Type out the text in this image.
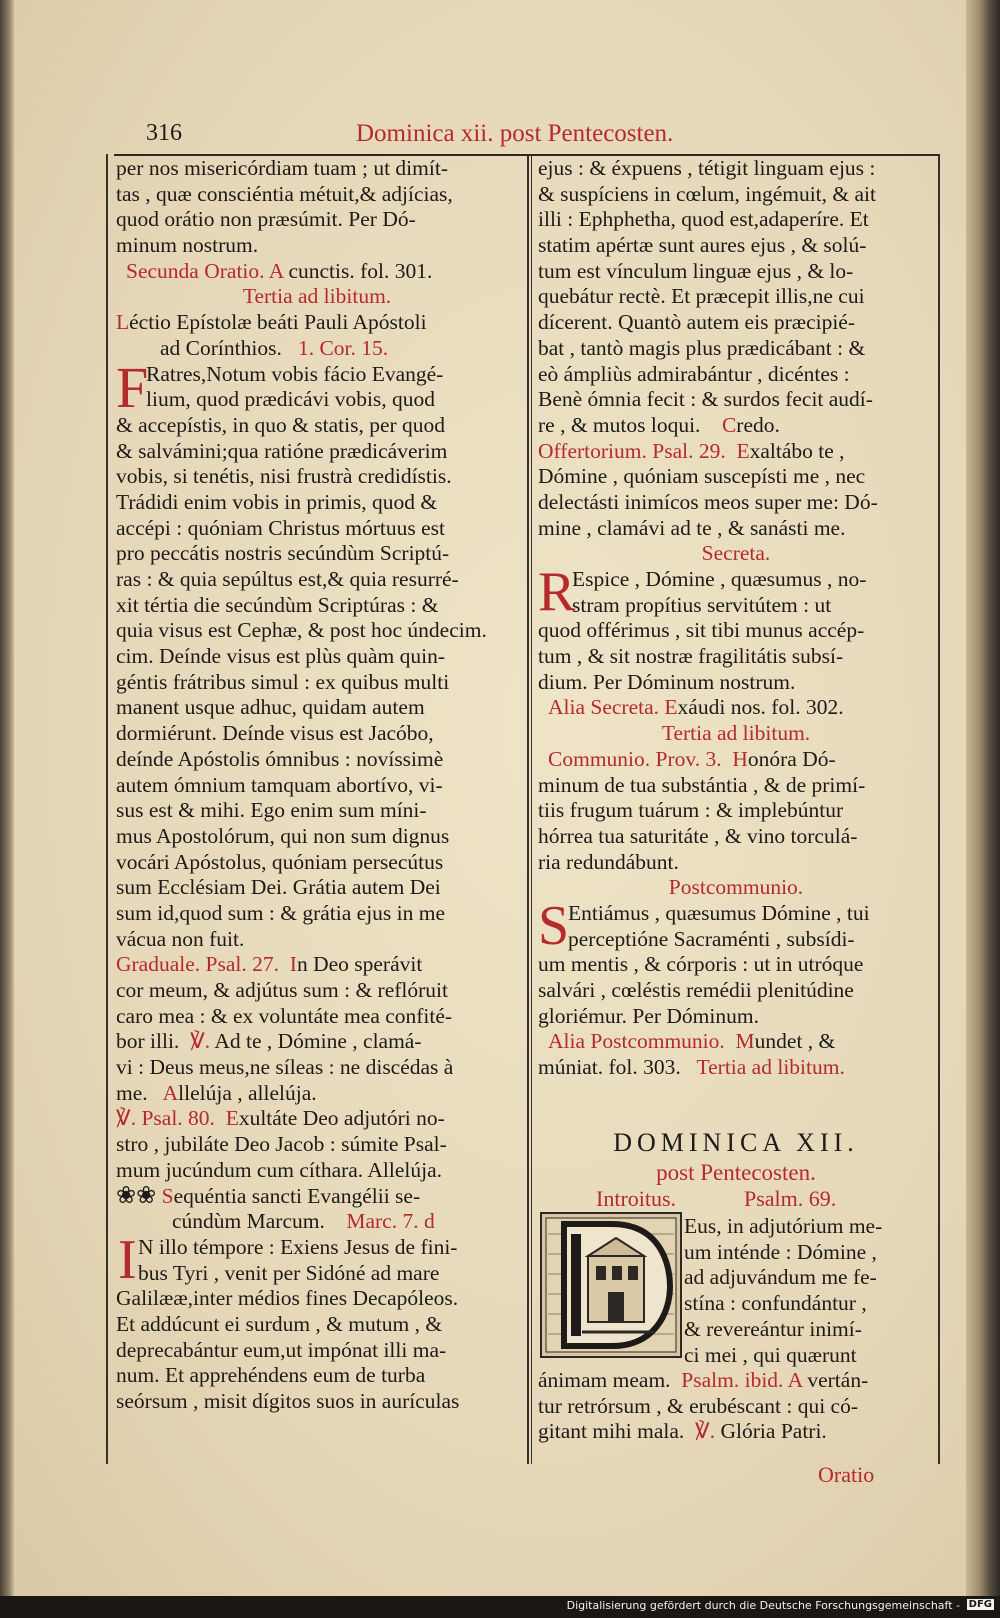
316	Dominica xii. post Pentecosten.
per nos misericórdiam tuam ; ut dimít-
tas , quæ consciéntia métuit,& adjícias,
quod orátio non præsúmit. Per Dó-
minum nostrum.
Secunda Oratio. A cunctis. fol. 301.
Tertia ad libitum.
Léctio Epístolæ beáti Pauli Apóstoli
ad Corínthios. 1. Cor. 15.
F
Ratres,Notum vobis fácio Evangé-
lium, quod prædicávi vobis, quod
& accepístis, in quo & statis, per quod
& salvámini;qua ratióne prædicáverim
vobis, si tenétis, nisi frustrà credidístis.
Trádidi enim vobis in primis, quod &
accépi : quóniam Christus mórtuus est
pro peccátis nostris secúndùm Scriptú-
ras : & quia sepúltus est,& quia resurré-
xit tértia die secúndùm Scriptúras : &
quia visus est Cephæ, & post hoc úndecim.
cim. Deínde visus est plùs quàm quin-
géntis frátribus simul : ex quibus multi
manent usque adhuc, quidam autem
dormiérunt. Deínde visus est Jacóbo,
deínde Apóstolis ómnibus : novíssimè
autem ómnium tamquam abortívo, vi-
sus est & mihi. Ego enim sum míni-
mus Apostolórum, qui non sum dignus
vocári Apóstolus, quóniam persecútus
sum Ecclésiam Dei. Grátia autem Dei
sum id,quod sum : & grátia ejus in me
vácua non fuit.
Graduale. Psal. 27. In Deo sperávit
cor meum, & adjútus sum : & reflóruit
caro mea : & ex voluntáte mea confité-
bor illi. ℣. Ad te , Dómine , clamá-
vi : Deus meus,ne síleas : ne discédas à
me. Allelúja , allelúja.
℣. Psal. 80. Exultáte Deo adjutóri no-
stro , jubiláte Deo Jacob : súmite Psal-
mum jucúndum cum cíthara. Allelúja.
❀❀ Sequéntia sancti Evangélii se-
cúndùm Marcum. Marc. 7. d
I N illo témpore : Exiens Jesus de fini-
bus Tyri , venit per Sidóné ad mare
Galilææ,inter médios fines Decapóleos.
Et addúcunt ei surdum , & mutum , &
deprecabántur eum,ut impónat illi ma-
num. Et apprehéndens eum de turba
seórsum , misit dígitos suos in aurículas
ejus : & éxpuens , tétigit linguam ejus :
& suspíciens in cœlum, ingémuit, & ait
illi : Ephphetha, quod est,adaperíre. Et
statim apértæ sunt aures ejus , & solú-
tum est vínculum linguæ ejus , & lo-
quebátur rectè. Et præcepit illis,ne cui
dícerent. Quantò autem eis præcipié-
bat , tantò magis plus prædicábant : &
eò ámpliùs admirabántur , dicéntes :
Benè ómnia fecit : & surdos fecit audí-
re , & mutos loqui. Credo.
Offertorium. Psal. 29. Exaltábo te ,
Dómine , quóniam suscepísti me , nec
delectásti inimícos meos super me: Dó-
mine , clamávi ad te , & sanásti me.
Secreta.
R
Espice , Dómine , quæsumus , no-
stram propítius servitútem : ut
quod offérimus , sit tibi munus accép-
tum , & sit nostræ fragilitátis subsí-
dium. Per Dóminum nostrum.
Alia Secreta. Exáudi nos. fol. 302.
Tertia ad libitum.
Communio. Prov. 3. Honóra Dó-
minum de tua substántia , & de primí-
tiis frugum tuárum : & implebúntur
hórrea tua saturitáte , & vino torculá-
ria redundábunt.
Postcommunio.
S
Entiámus , quæsumus Dómine , tui
perceptióne Sacraménti , subsídi-
um mentis , & córporis : ut in utróque
salvári , cœléstis remédii plenitúdine
gloriémur. Per Dóminum.
Alia Postcommunio. Mundet , &
múniat. fol. 303. Tertia ad libitum.
DOMINICA XII.
post Pentecosten.
Introitus.	Psalm. 69.
Eus, in adjutórium me-
um inténde : Dómine ,
ad adjuvándum me fe-
stína : confundántur ,
& revereántur inimí-
ci mei , qui quærunt
ánimam meam. Psalm. ibid. A vertán-
tur retrórsum , & erubéscant : qui có-
gitant mihi mala. ℣. Glória Patri.
Oratio
Digitalisierung gefördert durch die Deutsche Forschungsgemeinschaft - DFG
